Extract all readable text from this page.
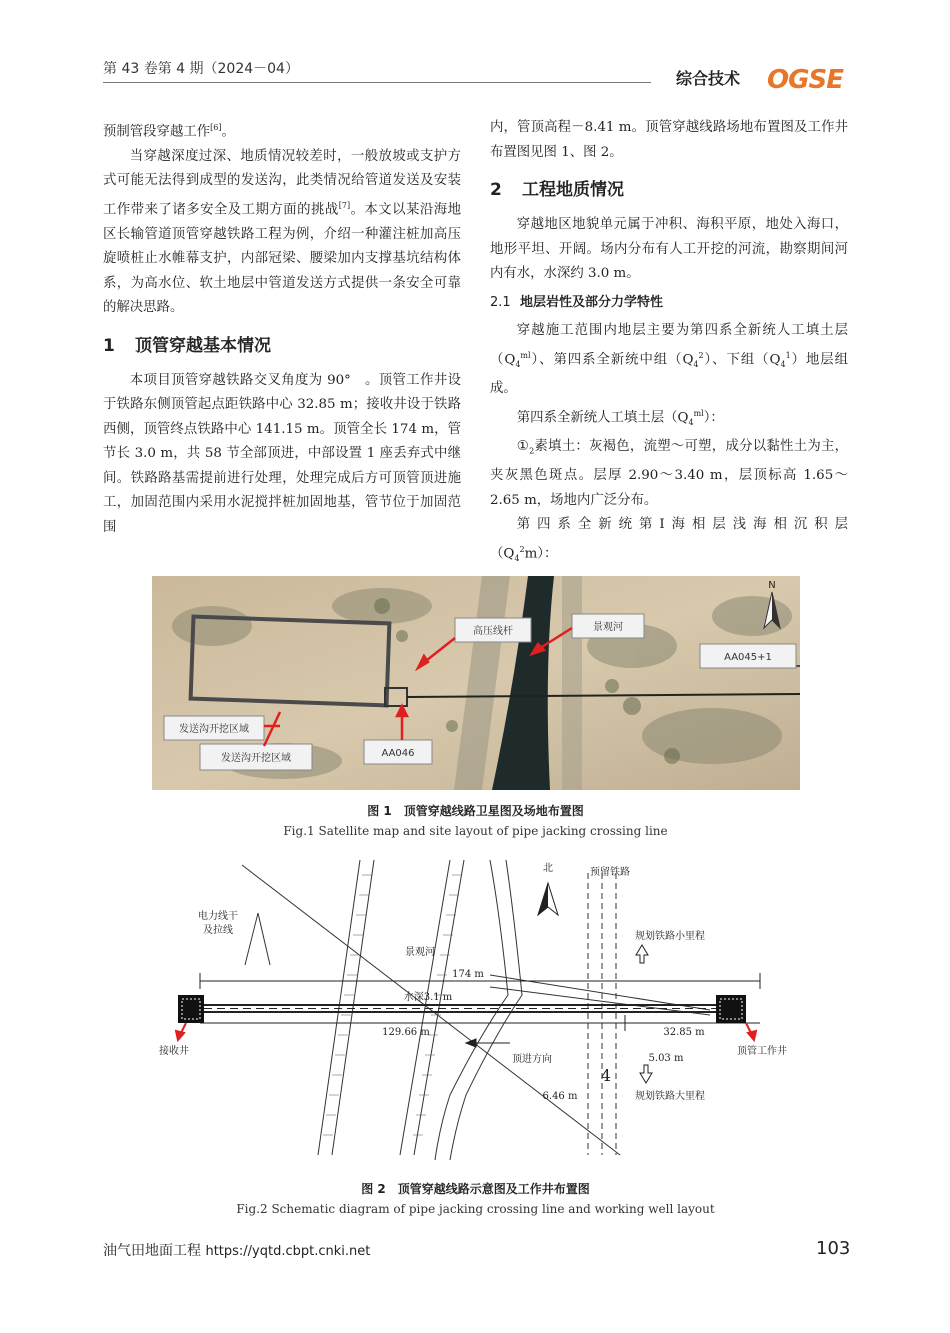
第 43 卷第 4 期（2024－04）	综合技术 OGSE

预制管段穿越工作[6]。

当穿越深度过深、地质情况较差时，一般放坡或支护方式可能无法得到成型的发送沟，此类情况给管道发送及安装工作带来了诸多安全及工期方面的挑战[7]。本文以某沿海地区长输管道顶管穿越铁路工程为例，介绍一种灌注桩加高压旋喷桩止水帷幕支护，内部冠梁、腰梁加内支撑基坑结构体系，为高水位、软土地层中管道发送方式提供一条安全可靠的解决思路。

1 顶管穿越基本情况

本项目顶管穿越铁路交叉角度为 90°　。顶管工作井设于铁路东侧顶管起点距铁路中心 32.85 m；接收井设于铁路西侧，顶管终点铁路中心 141.15 m。顶管全长 174 m，管节长 3.0 m，共 58 节全部顶进，中部设置 1 座丢弃式中继间。铁路路基需提前进行处理，处理完成后方可顶管顶进施工，加固范围内采用水泥搅拌桩加固地基，管节位于加固范围

内，管顶高程－8.41 m。顶管穿越线路场地布置图及工作井布置图见图 1、图 2。

2 工程地质情况

穿越地区地貌单元属于冲积、海积平原，地处入海口，地形平坦、开阔。场内分布有人工开挖的河流，勘察期间河内有水，水深约 3.0 m。

2.1 地层岩性及部分力学特性

穿越施工范围内地层主要为第四系全新统人工填土层$(Q_4^{ml})$、第四系全新统中组$(Q_4^2)$、下组$(Q_4^1)$地层组成。

第四系全新统人工填土层$(Q_4^{ml})$：

$①_2$素填土：灰褐色，流塑～可塑，成分以黏性土为主，夹灰黑色斑点。层厚 2.90～3.40 m，层顶标高 1.65～2.65 m，场地内广泛分布。

第 四 系 全 新 统 第 Ⅰ 海 相 层 浅 海 相 沉 积 层$(Q_4^2m)$：

高压线杆	景观河
AA045+1
发送沟开挖区域
发送沟开挖区域	AA046
N
图 1　顶管穿越线路卫星图及场地布置图
Fig.1 Satellite map and site layout of pipe jacking crossing line
北	预留铁路
电力线干
及拉线
景观河
规划铁路小里程
174 m
水深3.1 m
129.66 m	32.85 m
接收井	顶管工作井
顶进方向	5.03 m
6.46 m	规划铁路大里程
4
图 2　顶管穿越线路示意图及工作井布置图
Fig.2 Schematic diagram of pipe jacking crossing line and working well layout
油气田地面工程 https://yqtd.cbpt.cnki.net	103
